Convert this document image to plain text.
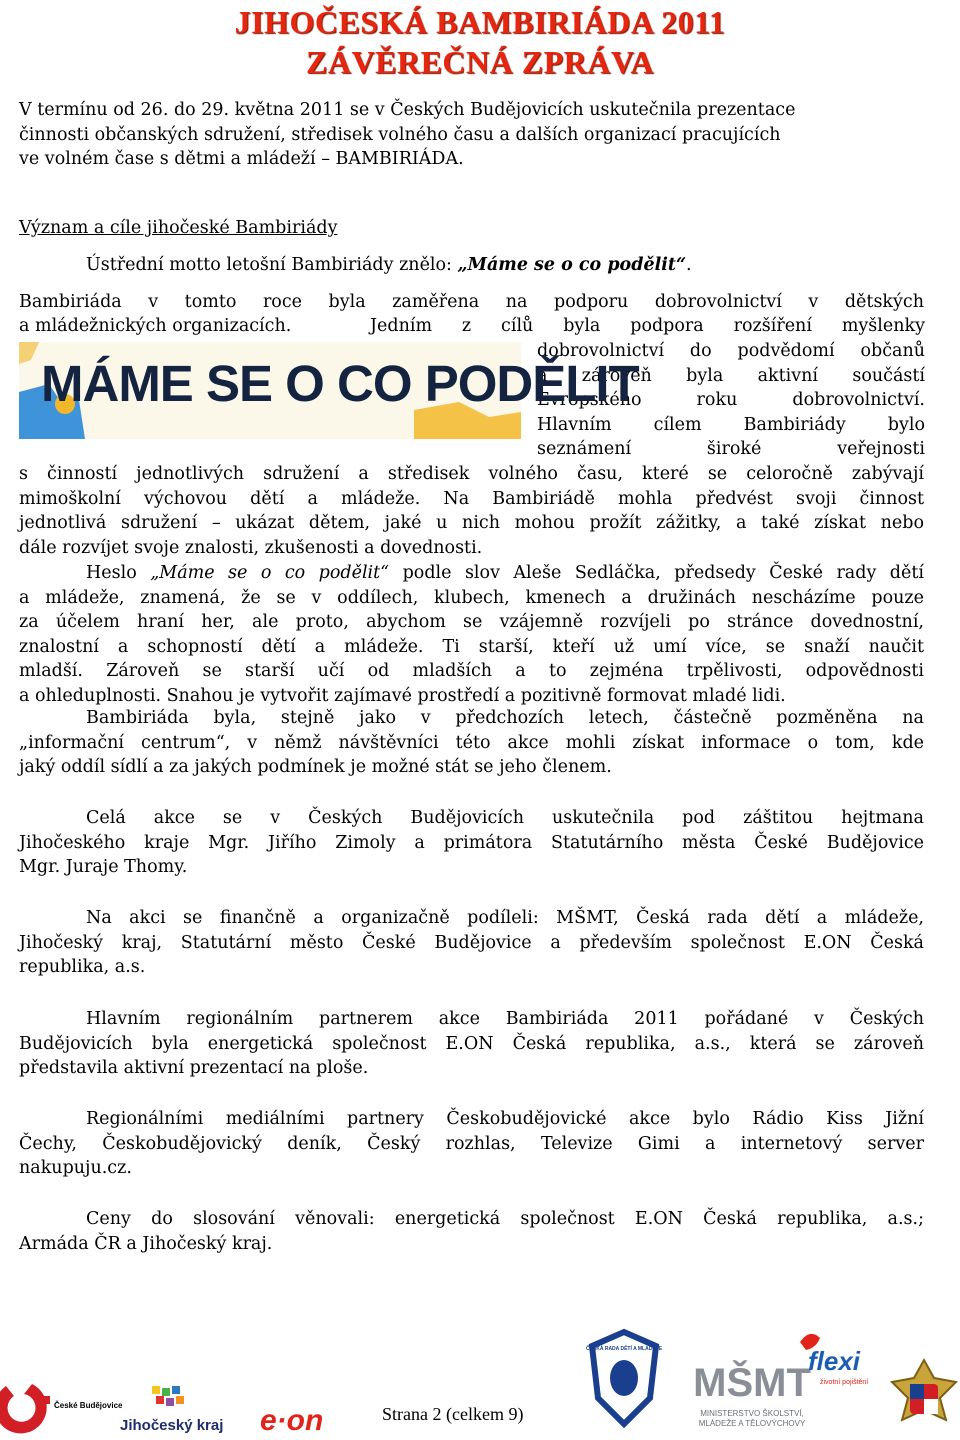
JIHOČESKÁ BAMBIRIÁDA 2011
ZÁVĚREČNÁ ZPRÁVA
V termínu od 26. do 29. května 2011 se v Českých Budějovicích uskutečnila prezentace
činnosti občanských sdružení, středisek volného času a dalších organizací pracujících
ve volném čase s dětmi a mládeží – BAMBIRIÁDA.
Význam a cíle jihočeské Bambiriády
Ústřední motto letošní Bambiriády znělo: „Máme se o co podělit“.
Bambiriáda v tomto roce byla zaměřena na podporu dobrovolnictví v dětských
a mládežnických organizacích.	Jedním z cílů byla podpora rozšíření myšlenky
dobrovolnictví do podvědomí občanů
a zároveň byla aktivní součástí
Evropského roku dobrovolnictví.
Hlavním cílem Bambiriády bylo
seznámení široké veřejnosti
MÁME SE O CO PODĚLIT
s činností jednotlivých sdružení a středisek volného času, které se celoročně zabývají
mimoškolní výchovou dětí a mládeže. Na Bambiriádě mohla předvést svoji činnost
jednotlivá sdružení – ukázat dětem, jaké u nich mohou prožít zážitky, a také získat nebo
dále rozvíjet svoje znalosti, zkušenosti a dovednosti.
Heslo „Máme se o co podělit“ podle slov Aleše Sedláčka, předsedy České rady dětí
a mládeže, znamená, že se v oddílech, klubech, kmenech a družinách nescházíme pouze
za účelem hraní her, ale proto, abychom se vzájemně rozvíjeli po stránce dovednostní,
znalostní a schopností dětí a mládeže. Ti starší, kteří už umí více, se snaží naučit
mladší. Zároveň se starší učí od mladších a to zejména trpělivosti, odpovědnosti
a ohleduplnosti. Snahou je vytvořit zajímavé prostředí a pozitivně formovat mladé lidi.
Bambiriáda byla, stejně jako v předchozích letech, částečně pozměněna na
„informační centrum“, v němž návštěvníci této akce mohli získat informace o tom, kde
jaký oddíl sídlí a za jakých podmínek je možné stát se jeho členem.
Celá akce se v Českých Budějovicích uskutečnila pod záštitou hejtmana
Jihočeského kraje Mgr. Jiřího Zimoly a primátora Statutárního města České Budějovice
Mgr. Juraje Thomy.
Na akci se finančně a organizačně podíleli: MŠMT, Česká rada dětí a mládeže,
Jihočeský kraj, Statutární město České Budějovice a především společnost E.ON Česká
republika, a.s.
Hlavním regionálním partnerem akce Bambiriáda 2011 pořádané v Českých
Budějovicích byla energetická společnost E.ON Česká republika, a.s., která se zároveň
představila aktivní prezentací na ploše.
Regionálními mediálními partnery Českobudějovické akce bylo Rádio Kiss Jižní
Čechy, Českobudějovický deník, Český rozhlas, Televize Gimi a internetový server
nakupuju.cz.
Ceny do slosování věnovali: energetická společnost E.ON Česká republika, a.s.;
Armáda ČR a Jihočeský kraj.
České Budějovice
Jihočeský kraj e·on	Strana 2 (celkem 9)
ČESKÁ RADA DĚTÍ A MLÁDEŽE
MŠMT
MINISTERSTVO ŠKOLSTVÍ,
MLÁDEŽE A TĚLOVÝCHOVY
flexi
životní pojištění
